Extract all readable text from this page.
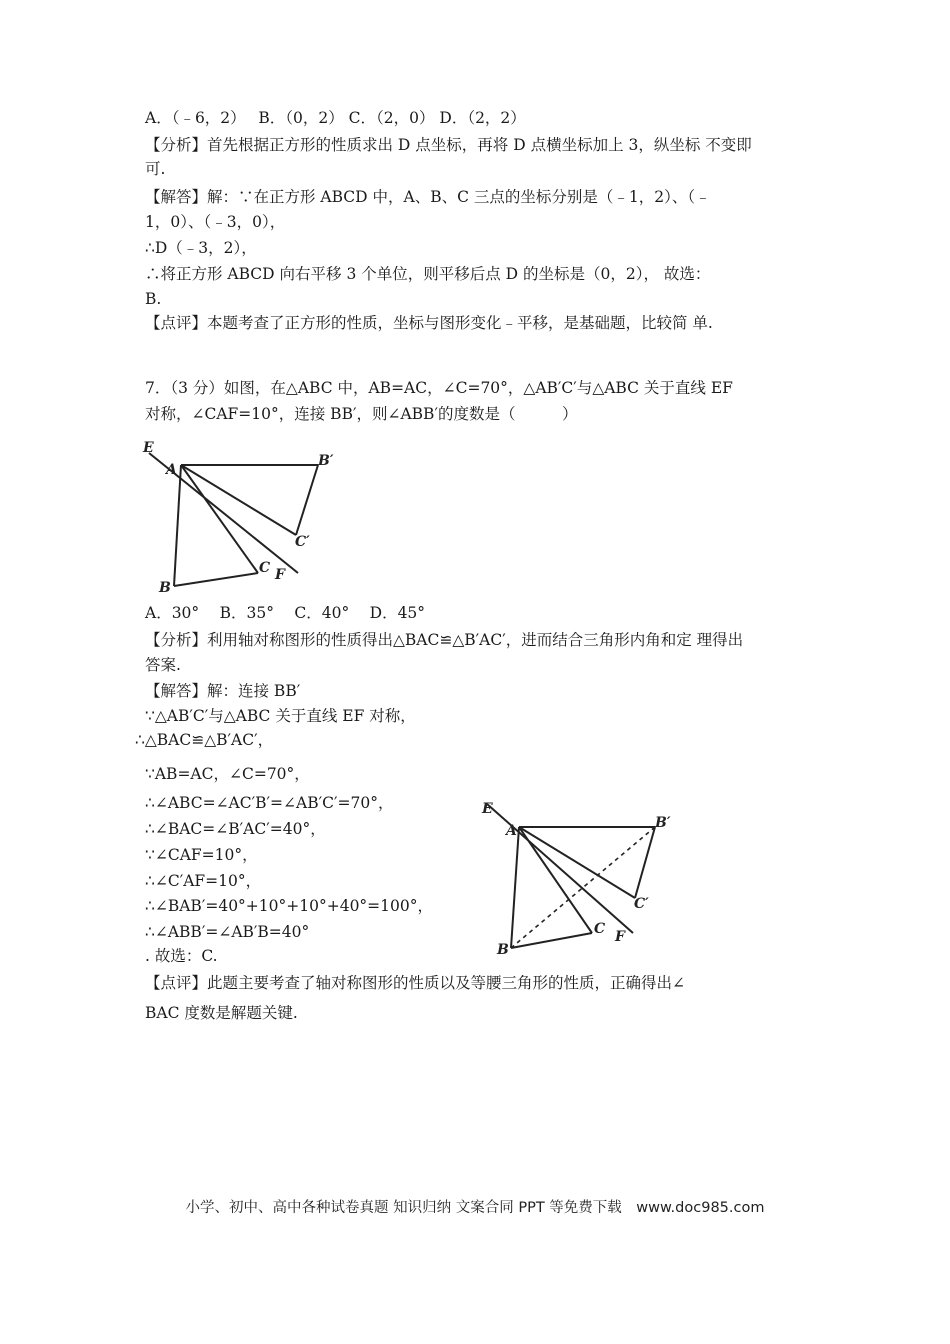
A．（﹣6，2）　 B．（0，2） C．（2，0） D．（2，2）
【分析】首先根据正方形的性质求出 D 点坐标，再将 D 点横坐标加上 3，纵坐标 不变即
可.
【解答】解：∵在正方形 ABCD 中，A、B、C 三点的坐标分别是（﹣1，2）、（﹣
1，0）、（﹣3，0），
∴D（﹣3，2），
∴将正方形 ABCD 向右平移 3 个单位，则平移后点 D 的坐标是（0，2）， 故选：
B.
【点评】本题考查了正方形的性质，坐标与图形变化﹣平移，是基础题，比较简 单.
7．（3 分）如图，在△ABC 中，AB=AC，∠C=70°，△AB′C′与△ABC 关于直线 EF
对称，∠CAF=10°，连接 BB′，则∠ABB′的度数是（　　　）
E
A
B′
C′
C F
B
A．30°　 B．35°　 C．40°　 D．45°
【分析】利用轴对称图形的性质得出△BAC≌△B′AC′，进而结合三角形内角和定 理得出
答案.
【解答】解：连接 BB′
∵△AB′C′与△ABC 关于直线 EF 对称，
∴△BAC≌△B′AC′，
∵AB=AC，∠C=70°，
∴∠ABC=∠AC′B′=∠AB′C′=70°，
∴∠BAC=∠B′AC′=40°，
∵∠CAF=10°，
∴∠C′AF=10°，
∴∠BAB′=40°+10°+10°+40°=100°，
∴∠ABB′=∠AB′B=40°
. 故选：C.
E
A	B′
C′
C F
B
【点评】此题主要考查了轴对称图形的性质以及等腰三角形的性质，正确得出∠
BAC 度数是解题关键.
小学、初中、高中各种试卷真题 知识归纳 文案合同 PPT 等免费下载　www.doc985.com
